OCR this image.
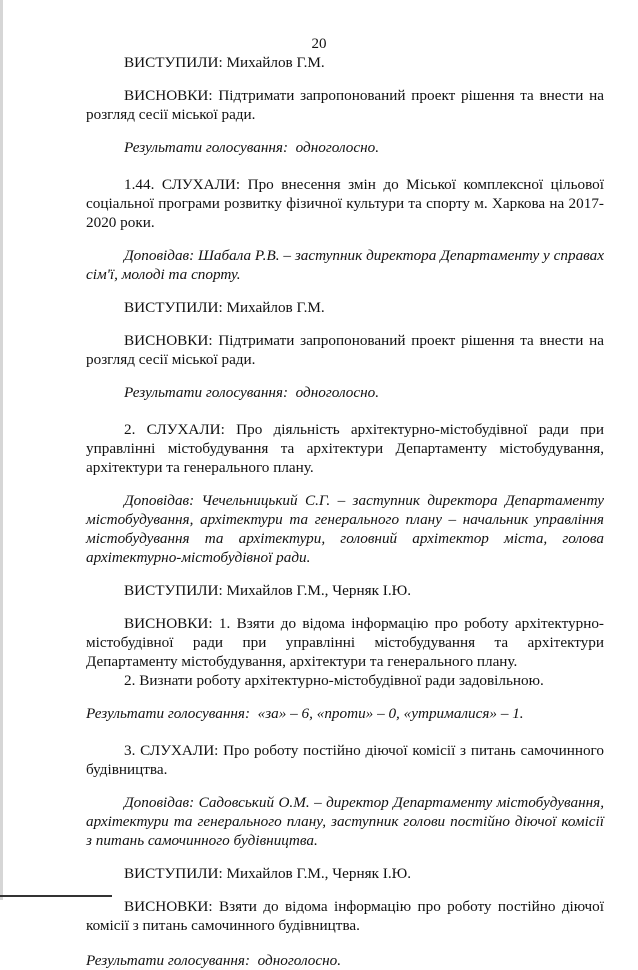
20

ВИСТУПИЛИ: Михайлов Г.М.

ВИСНОВКИ: Підтримати запропонований проект рішення та внести на розгляд сесії міської ради.

Результати голосування: одноголосно.

1.44. СЛУХАЛИ: Про внесення змін до Міської комплексної цільової соціальної програми розвитку фізичної культури та спорту м. Харкова на 2017-2020 роки.

Доповідав: Шабала Р.В. – заступник директора Департаменту у справах сім'ї, молоді та спорту.

ВИСТУПИЛИ: Михайлов Г.М.

ВИСНОВКИ: Підтримати запропонований проект рішення та внести на розгляд сесії міської ради.

Результати голосування: одноголосно.

2. СЛУХАЛИ: Про діяльність архітектурно-містобудівної ради при управлінні містобудування та архітектури Департаменту містобудування, архітектури та генерального плану.

Доповідав: Чечельницький С.Г. – заступник директора Департаменту містобудування, архітектури та генерального плану – начальник управління містобудування та архітектури, головний архітектор міста, голова архітектурно-містобудівної ради.

ВИСТУПИЛИ: Михайлов Г.М., Черняк І.Ю.

ВИСНОВКИ: 1. Взяти до відома інформацію про роботу архітектурно-містобудівної ради при управлінні містобудування та архітектури Департаменту містобудування, архітектури та генерального плану.

2. Визнати роботу архітектурно-містобудівної ради задовільною.

Результати голосування: «за» – 6, «проти» – 0, «утрималися» – 1.

3. СЛУХАЛИ: Про роботу постійно діючої комісії з питань самочинного будівництва.

Доповідав: Садовський О.М. – директор Департаменту містобудування, архітектури та генерального плану, заступник голови постійно діючої комісії з питань самочинного будівництва.

ВИСТУПИЛИ: Михайлов Г.М., Черняк І.Ю.

ВИСНОВКИ: Взяти до відома інформацію про роботу постійно діючої комісії з питань самочинного будівництва.

Результати голосування: одноголосно.
